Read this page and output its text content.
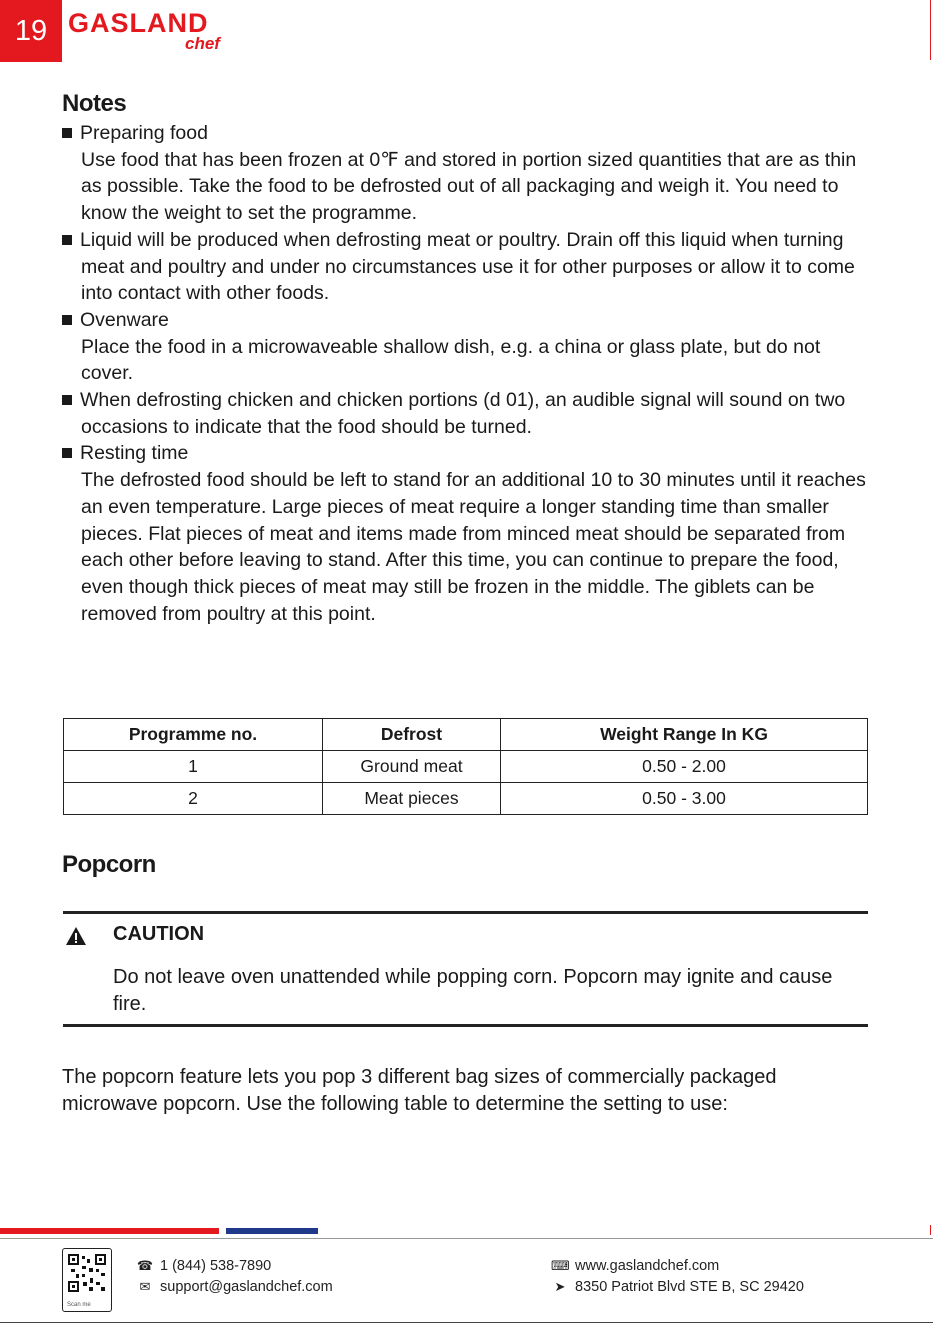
19 GASLAND
chef
Notes
Preparing food
Use food that has been frozen at 0℉ and stored in portion sized quantities that are as thin as possible. Take the food to be defrosted out of all packaging and weigh it. You need to know the weight to set the programme.
Liquid will be produced when defrosting meat or poultry. Drain off this liquid when turning meat and poultry and under no circumstances use it for other purposes or allow it to come into contact with other foods.
Ovenware
Place the food in a microwaveable shallow dish, e.g. a china or glass plate, but do not cover.
When defrosting chicken and chicken portions (d 01), an audible signal will sound on two occasions to indicate that the food should be turned.
Resting time
The defrosted food should be left to stand for an additional 10 to 30 minutes until it reaches an even temperature. Large pieces of meat require a longer standing time than smaller pieces. Flat pieces of meat and items made from minced meat should be separated from each other before leaving to stand. After this time, you can continue to prepare the food, even though thick pieces of meat may still be frozen in the middle. The giblets can be removed from poultry at this point.
Programme no.	Defrost	Weight Range In KG
1	Ground meat	0.50 - 2.00
2	Meat pieces	0.50 - 3.00
Popcorn
CAUTION
Do not leave oven unattended while popping corn. Popcorn may ignite and cause fire.
The popcorn feature lets you pop 3 different bag sizes of commercially packaged microwave popcorn. Use the following table to determine the setting to use:
Scan me
☎ 1 (844) 538-7890
✉ support@gaslandchef.com
⌨ www.gaslandchef.com
➤ 8350 Patriot Blvd STE B, SC 29420
